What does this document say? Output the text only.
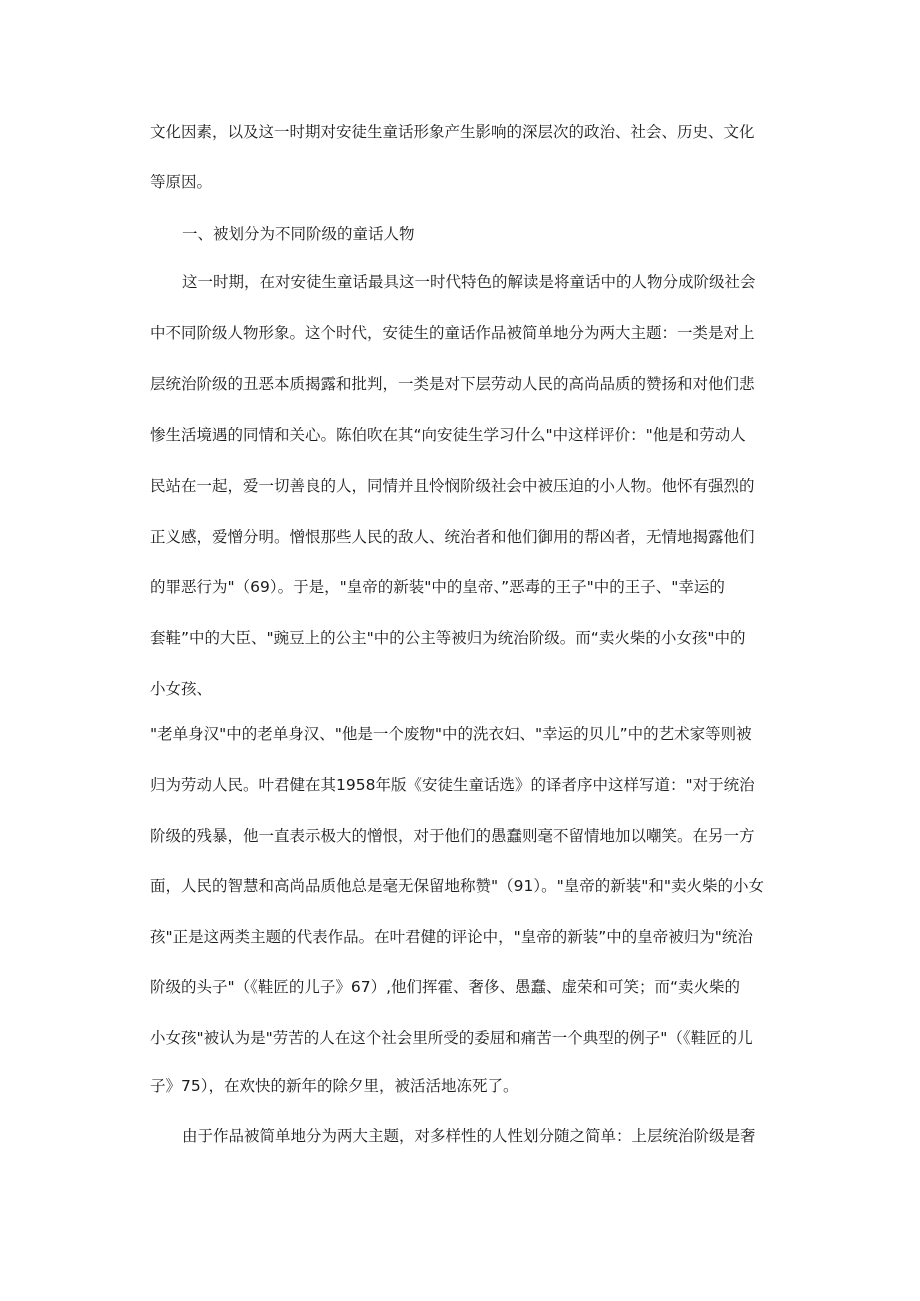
文化因素，以及这一时期对安徒生童话形象产生影响的深层次的政治、社会、历史、文化
等原因。
一、被划分为不同阶级的童话人物
这一时期，在对安徒生童话最具这一时代特色的解读是将童话中的人物分成阶级社会
中不同阶级人物形象。这个时代，安徒生的童话作品被简单地分为两大主题：一类是对上
层统治阶级的丑恶本质揭露和批判，一类是对下层劳动人民的高尚品质的赞扬和对他们悲
惨生活境遇的同情和关心。陈伯吹在其“向安徒生学习什么"中这样评价："他是和劳动人
民站在一起，爱一切善良的人，同情并且怜悯阶级社会中被压迫的小人物。他怀有强烈的
正义感，爱憎分明。憎恨那些人民的敌人、统治者和他们御用的帮凶者，无情地揭露他们
的罪恶行为"（69）。于是，"皇帝的新装"中的皇帝、”恶毒的王子"中的王子、"幸运的
套鞋”中的大臣、"豌豆上的公主"中的公主等被归为统治阶级。而“卖火柴的小女孩"中的
小女孩、
"老单身汉"中的老单身汉、"他是一个废物"中的洗衣妇、"幸运的贝儿”中的艺术家等则被
归为劳动人民。叶君健在其1958年版《安徒生童话选》的译者序中这样写道："对于统治
阶级的残暴，他一直表示极大的憎恨，对于他们的愚蠢则毫不留情地加以嘲笑。在另一方
面，人民的智慧和高尚品质他总是毫无保留地称赞"（91）。"皇帝的新装"和"卖火柴的小女
孩"正是这两类主题的代表作品。在叶君健的评论中，"皇帝的新装”中的皇帝被归为"统治
阶级的头子"（《鞋匠的儿子》67）,他们挥霍、奢侈、愚蠢、虚荣和可笑；而“卖火柴的
小女孩"被认为是"劳苦的人在这个社会里所受的委屈和痛苦一个典型的例子"（《鞋匠的儿
子》75），在欢快的新年的除夕里，被活活地冻死了。
由于作品被简单地分为两大主题，对多样性的人性划分随之简单：上层统治阶级是奢
